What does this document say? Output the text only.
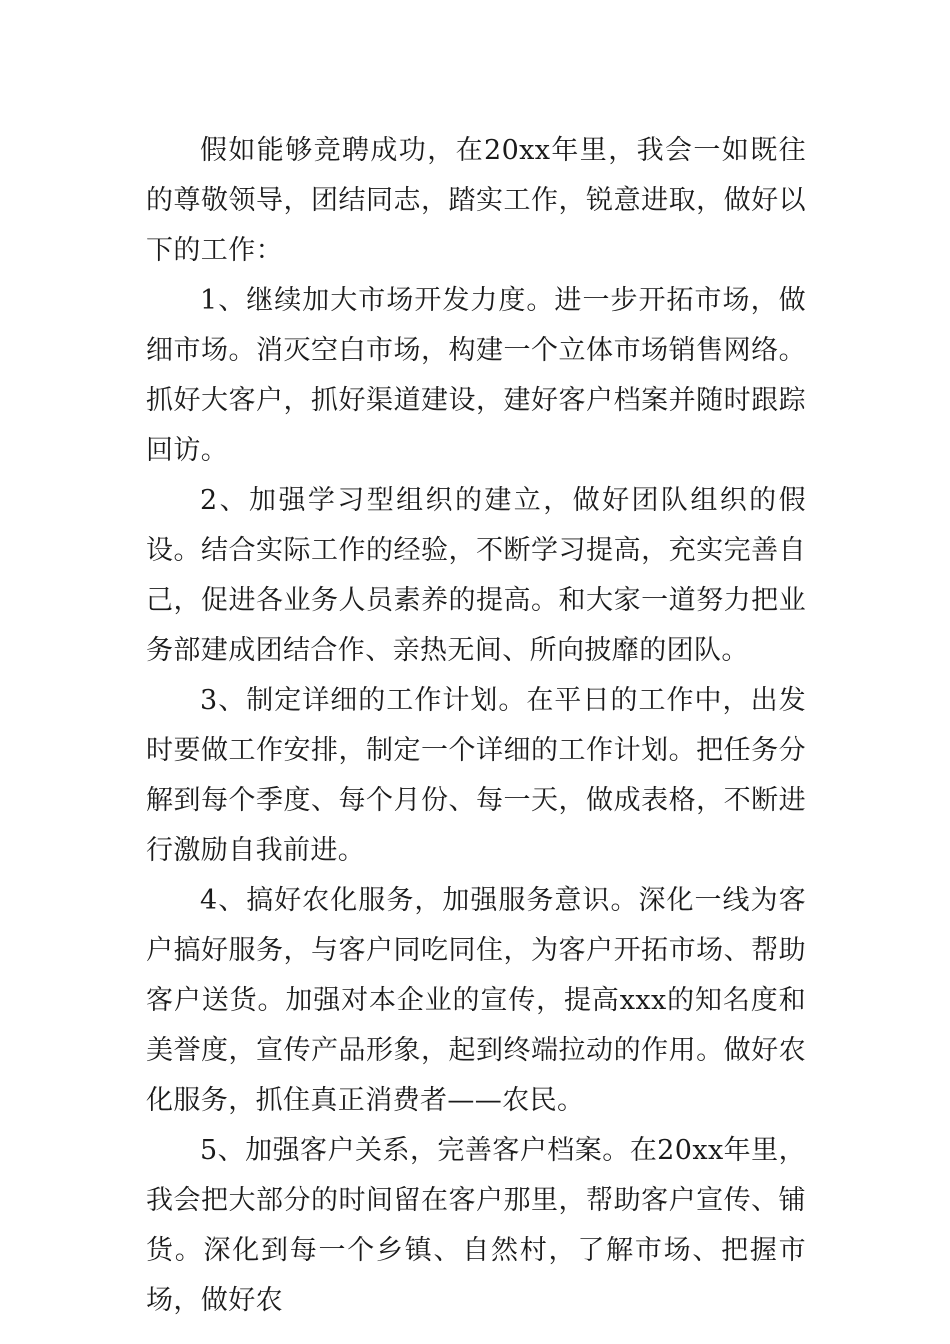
假如能够竞聘成功，在20xx年里，我会一如既往的尊敬领导，团结同志，踏实工作，锐意进取，做好以下的工作：

1、继续加大市场开发力度。进一步开拓市场，做细市场。消灭空白市场，构建一个立体市场销售网络。抓好大客户，抓好渠道建设，建好客户档案并随时跟踪回访。

2、加强学习型组织的建立，做好团队组织的假设。结合实际工作的经验，不断学习提高，充实完善自己，促进各业务人员素养的提高。和大家一道努力把业务部建成团结合作、亲热无间、所向披靡的团队。

3、制定详细的工作计划。在平日的工作中，出发时要做工作安排，制定一个详细的工作计划。把任务分解到每个季度、每个月份、每一天，做成表格，不断进行激励自我前进。

4、搞好农化服务，加强服务意识。深化一线为客户搞好服务，与客户同吃同住，为客户开拓市场、帮助客户送货。加强对本企业的宣传，提高xxx的知名度和美誉度，宣传产品形象，起到终端拉动的作用。做好农化服务，抓住真正消费者——农民。

5、加强客户关系，完善客户档案。在20xx年里，我会把大部分的时间留在客户那里，帮助客户宣传、铺货。深化到每一个乡镇、自然村，了解市场、把握市场，做好农
